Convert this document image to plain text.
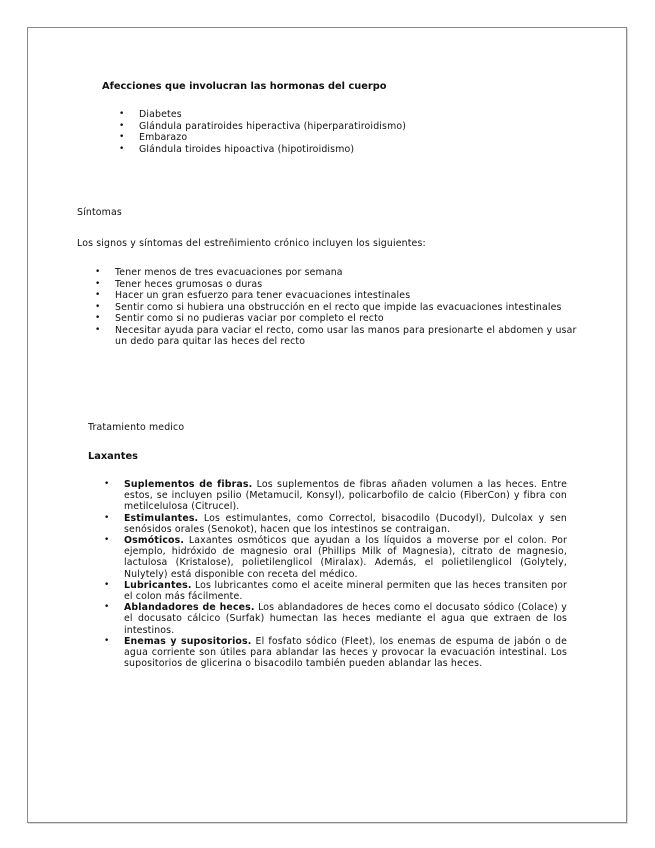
Afecciones que involucran las hormonas del cuerpo
• Diabetes
• Glándula paratiroides hiperactiva (hiperparatiroidismo)
• Embarazo
• Glándula tiroides hipoactiva (hipotiroidismo)
Síntomas
Los signos y síntomas del estreñimiento crónico incluyen los siguientes:
• Tener menos de tres evacuaciones por semana
• Tener heces grumosas o duras
• Hacer un gran esfuerzo para tener evacuaciones intestinales
• Sentir como si hubiera una obstrucción en el recto que impide las evacuaciones intestinales
• Sentir como si no pudieras vaciar por completo el recto
• Necesitar ayuda para vaciar el recto, como usar las manos para presionarte el abdomen y usar un dedo para quitar las heces del recto
Tratamiento medico
Laxantes
• Suplementos de fibras. Los suplementos de fibras añaden volumen a las heces. Entre estos, se incluyen psilio (Metamucil, Konsyl), policarbofilo de calcio (FiberCon) y fibra con metilcelulosa (Citrucel).
• Estimulantes. Los estimulantes, como Correctol, bisacodilo (Ducodyl), Dulcolax y sen senósidos orales (Senokot), hacen que los intestinos se contraigan.
• Osmóticos. Laxantes osmóticos que ayudan a los líquidos a moverse por el colon. Por ejemplo, hidróxido de magnesio oral (Phillips Milk of Magnesia), citrato de magnesio, lactulosa (Kristalose), polietilenglicol (Miralax). Además, el polietilenglicol (Golytely, Nulytely) está disponible con receta del médico.
• Lubricantes. Los lubricantes como el aceite mineral permiten que las heces transiten por el colon más fácilmente.
• Ablandadores de heces. Los ablandadores de heces como el docusato sódico (Colace) y el docusato cálcico (Surfak) humectan las heces mediante el agua que extraen de los intestinos.
• Enemas y supositorios. El fosfato sódico (Fleet), los enemas de espuma de jabón o de agua corriente son útiles para ablandar las heces y provocar la evacuación intestinal. Los supositorios de glicerina o bisacodilo también pueden ablandar las heces.
